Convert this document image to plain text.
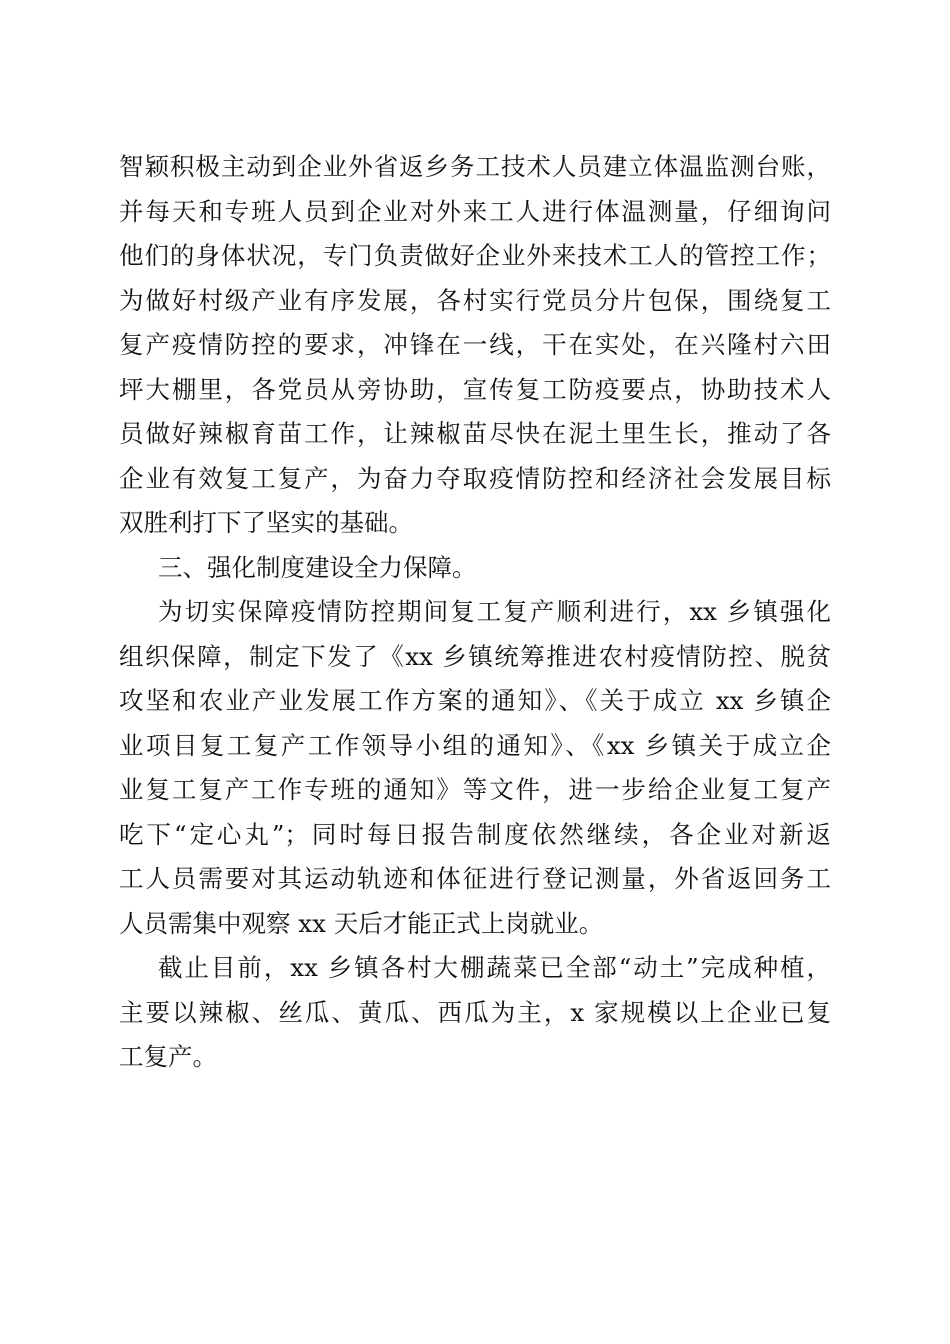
智颖积极主动到企业外省返乡务工技术人员建立体温监测台账，
并每天和专班人员到企业对外来工人进行体温测量，仔细询问
他们的身体状况，专门负责做好企业外来技术工人的管控工作；
为做好村级产业有序发展，各村实行党员分片包保，围绕复工
复产疫情防控的要求，冲锋在一线，干在实处，在兴隆村六田
坪大棚里，各党员从旁协助，宣传复工防疫要点，协助技术人
员做好辣椒育苗工作，让辣椒苗尽快在泥土里生长，推动了各
企业有效复工复产，为奋力夺取疫情防控和经济社会发展目标
双胜利打下了坚实的基础。
三、强化制度建设全力保障。
为切实保障疫情防控期间复工复产顺利进行，xx 乡镇强化
组织保障，制定下发了《xx 乡镇统筹推进农村疫情防控、脱贫
攻坚和农业产业发展工作方案的通知》、《关于成立 xx 乡镇企
业项目复工复产工作领导小组的通知》、《xx 乡镇关于成立企
业复工复产工作专班的通知》等文件，进一步给企业复工复产
吃下“定心丸”；同时每日报告制度依然继续，各企业对新返
工人员需要对其运动轨迹和体征进行登记测量，外省返回务工
人员需集中观察 xx 天后才能正式上岗就业。
截止目前，xx 乡镇各村大棚蔬菜已全部“动土”完成种植，
主要以辣椒、丝瓜、黄瓜、西瓜为主，x 家规模以上企业已复
工复产。
